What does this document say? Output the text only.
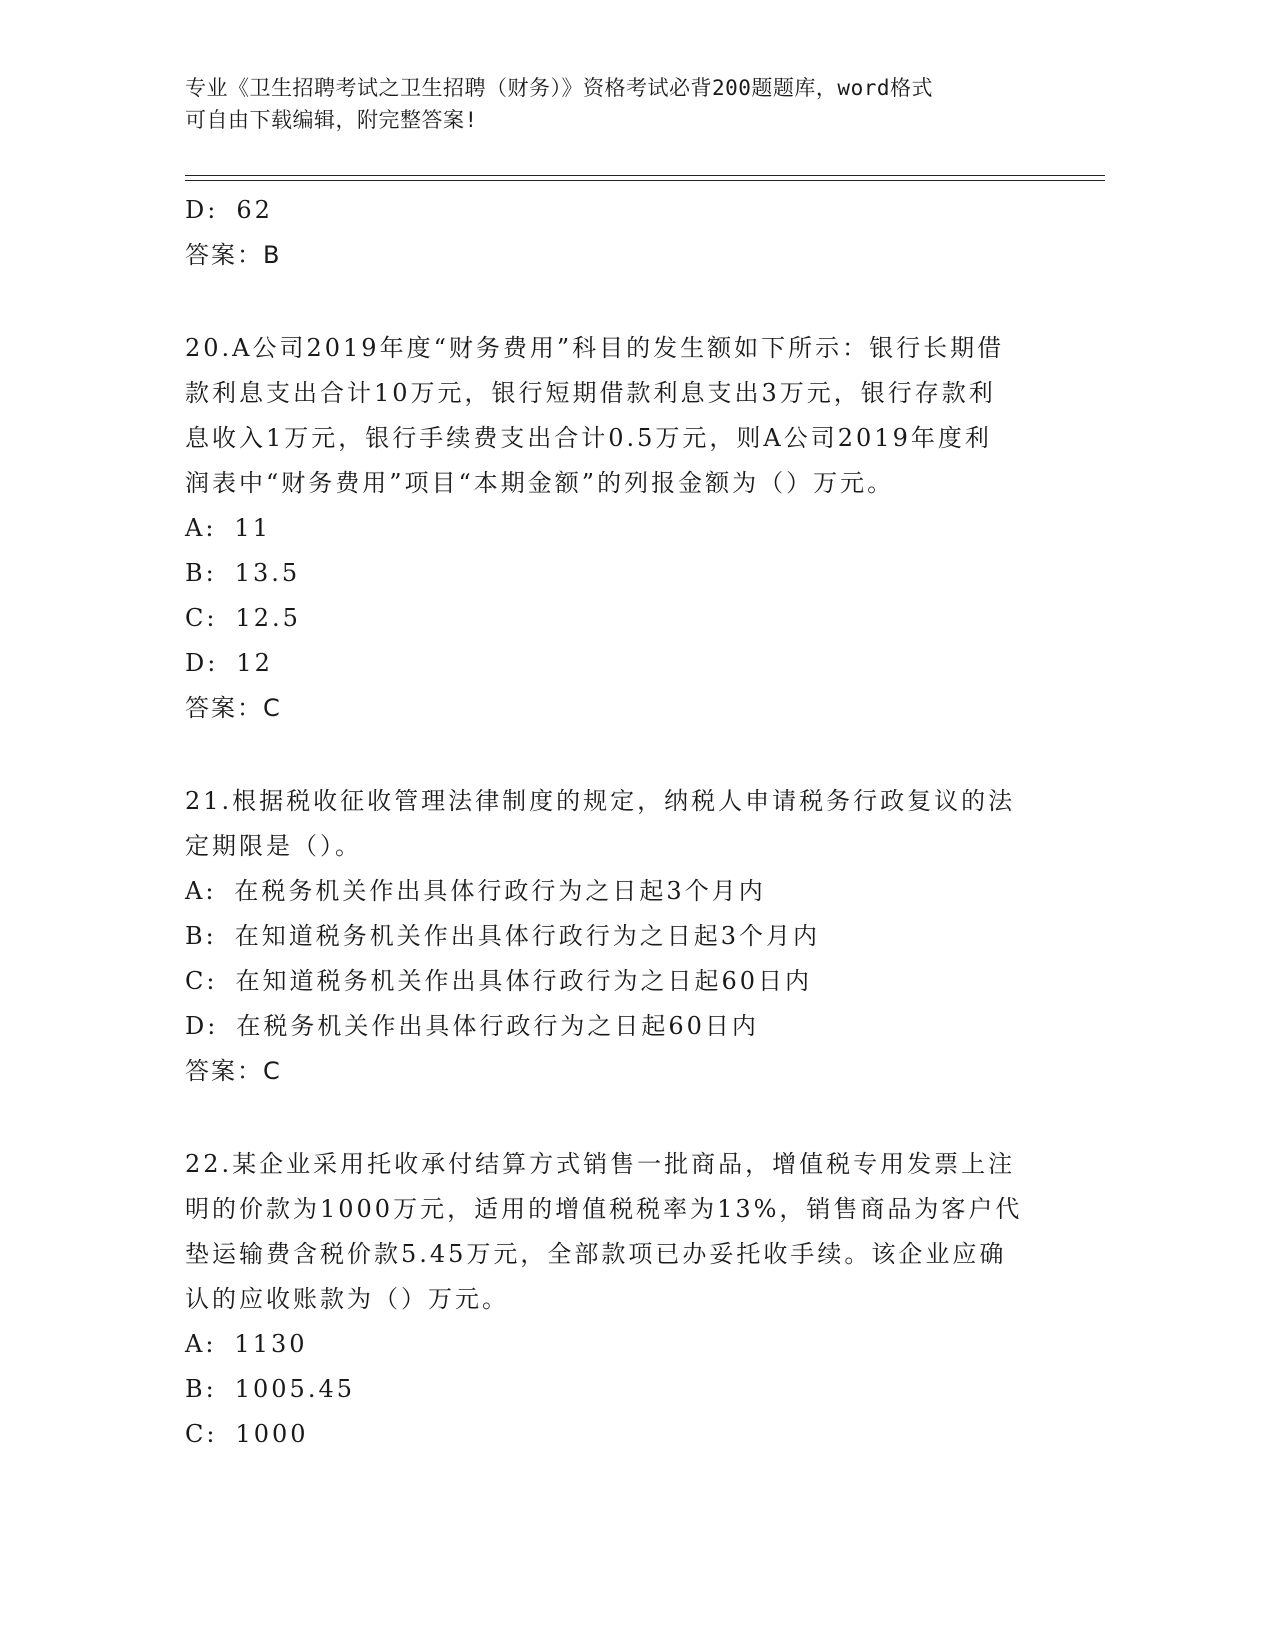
专业《卫生招聘考试之卫生招聘（财务）》资格考试必背200题题库，word格式
可自由下载编辑，附完整答案!
D: 62
答案：B
20.A公司2019年度“财务费用”科目的发生额如下所示：银行长期借
款利息支出合计10万元，银行短期借款利息支出3万元，银行存款利
息收入1万元，银行手续费支出合计0.5万元，则A公司2019年度利
润表中“财务费用”项目“本期金额”的列报金额为（）万元。
A: 11
B: 13.5
C: 12.5
D: 12
答案：C
21.根据税收征收管理法律制度的规定，纳税人申请税务行政复议的法
定期限是（）。
A: 在税务机关作出具体行政行为之日起3个月内
B: 在知道税务机关作出具体行政行为之日起3个月内
C: 在知道税务机关作出具体行政行为之日起60日内
D: 在税务机关作出具体行政行为之日起60日内
答案：C
22.某企业采用托收承付结算方式销售一批商品，增值税专用发票上注
明的价款为1000万元，适用的增值税税率为13%，销售商品为客户代
垫运输费含税价款5.45万元，全部款项已办妥托收手续。该企业应确
认的应收账款为（）万元。
A: 1130
B: 1005.45
C: 1000
